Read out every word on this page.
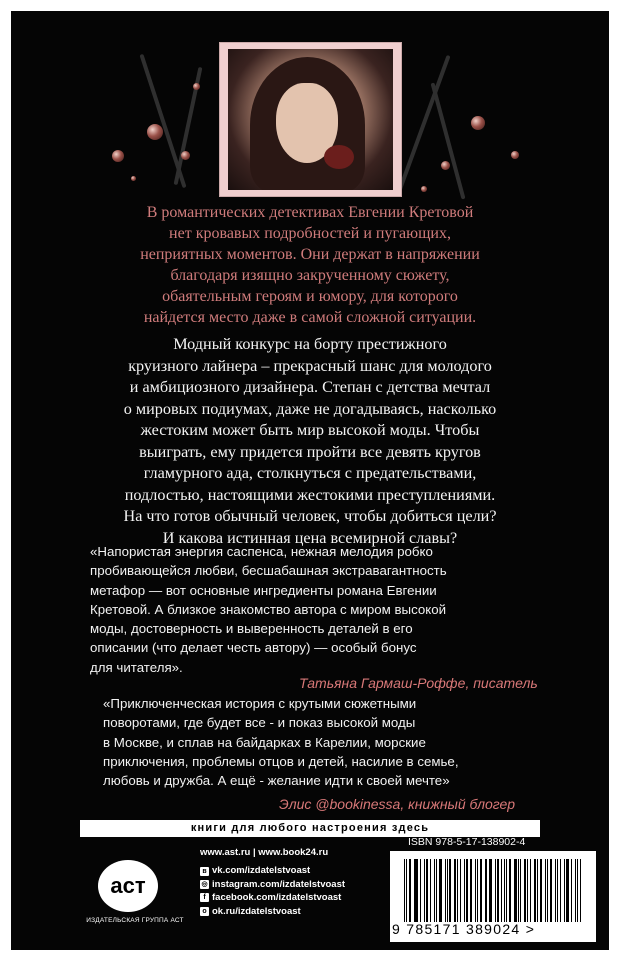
В романтических детективах Евгении Кретовой
нет кровавых подробностей и пугающих,
неприятных моментов. Они держат в напряжении
благодаря изящно закрученному сюжету,
обаятельным героям и юмору, для которого
найдется место даже в самой сложной ситуации.
Модный конкурс на борту престижного
круизного лайнера – прекрасный шанс для молодого
и амбициозного дизайнера. Степан с детства мечтал
о мировых подиумах, даже не догадываясь, насколько
жестоким может быть мир высокой моды. Чтобы
выиграть, ему придется пройти все девять кругов
гламурного ада, столкнуться с предательствами,
подлостью, настоящими жестокими преступлениями.
На что готов обычный человек, чтобы добиться цели?
И какова истинная цена всемирной славы?
«Напористая энергия саспенса, нежная мелодия робко
пробивающейся любви, бесшабашная экстравагантность
метафор — вот основные ингредиенты романа Евгении
Кретовой. А близкое знакомство автора с миром высокой
моды, достоверность и выверенность деталей в его
описании (что делает честь автору) — особый бонус
для читателя».
Татьяна Гармаш-Роффе, писатель
«Приключенческая история с крутыми сюжетными
поворотами, где будет все - и показ высокой моды
в Москве, и сплав на байдарках в Карелии, морские
приключения, проблемы отцов и детей, насилие в семье,
любовь и дружба. А ещё - желание идти к своей мечте»
Элис @bookinessa, книжный блогер
книги для любого настроения здесь
аст
ИЗДАТЕЛЬСКАЯ ГРУППА АСТ
www.ast.ru | www.book24.ru
в vk.com/izdatelstvoast
◎ instagram.com/izdatelstvoast
f facebook.com/izdatelstvoast
о ok.ru/izdatelstvoast
ISBN 978-5-17-138902-4
9 785171 389024 >
